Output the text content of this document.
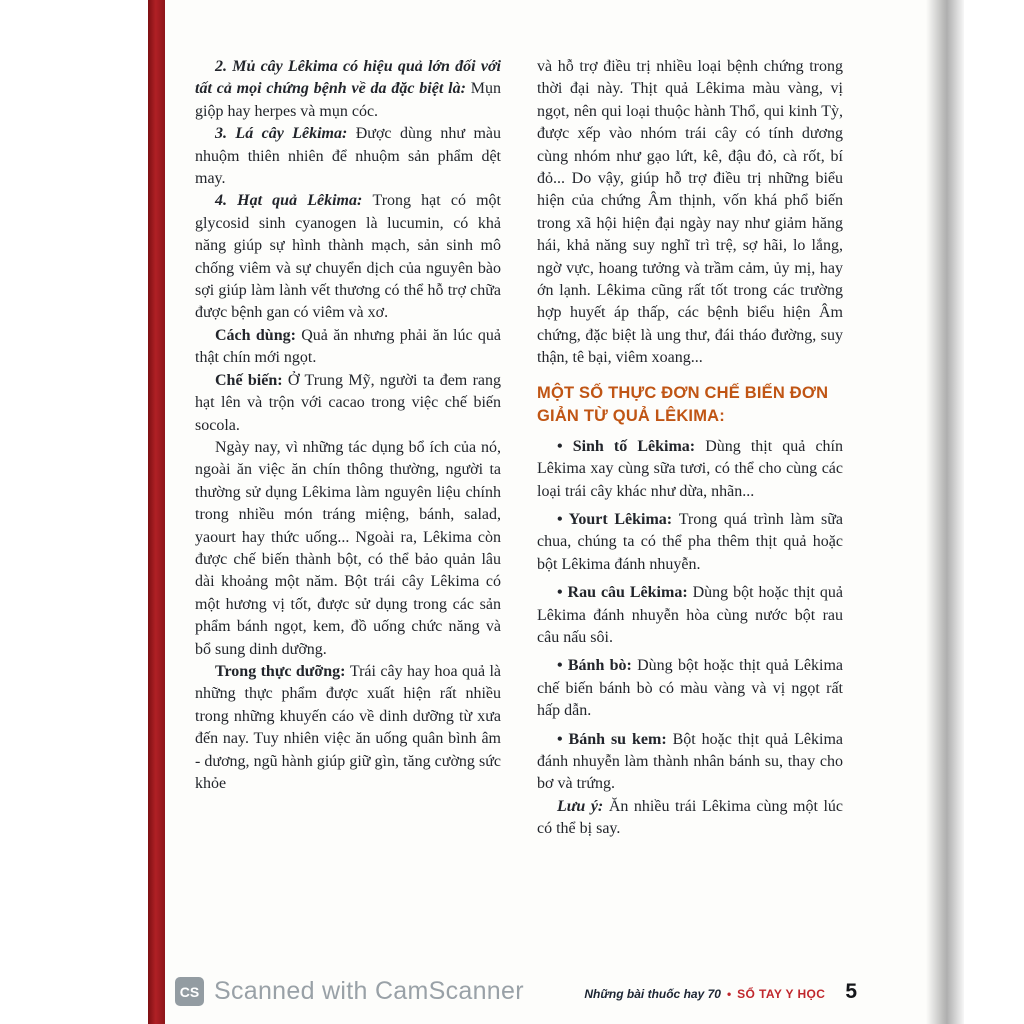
2. Mủ cây Lêkima có hiệu quả lớn đối với tất cả mọi chứng bệnh về da đặc biệt là: Mụn giộp hay herpes và mụn cóc.

3. Lá cây Lêkima: Được dùng như màu nhuộm thiên nhiên để nhuộm sản phẩm dệt may.

4. Hạt quả Lêkima: Trong hạt có một glycosid sinh cyanogen là lucumin, có khả năng giúp sự hình thành mạch, sản sinh mô chống viêm và sự chuyển dịch của nguyên bào sợi giúp làm lành vết thương có thể hỗ trợ chữa được bệnh gan có viêm và xơ.

Cách dùng: Quả ăn nhưng phải ăn lúc quả thật chín mới ngọt.

Chế biến: Ở Trung Mỹ, người ta đem rang hạt lên và trộn với cacao trong việc chế biến socola.

Ngày nay, vì những tác dụng bổ ích của nó, ngoài ăn việc ăn chín thông thường, người ta thường sử dụng Lêkima làm nguyên liệu chính trong nhiều món tráng miệng, bánh, salad, yaourt hay thức uống... Ngoài ra, Lêkima còn được chế biến thành bột, có thể bảo quản lâu dài khoảng một năm. Bột trái cây Lêkima có một hương vị tốt, được sử dụng trong các sản phẩm bánh ngọt, kem, đồ uống chức năng và bổ sung dinh dưỡng.

Trong thực dưỡng: Trái cây hay hoa quả là những thực phẩm được xuất hiện rất nhiều trong những khuyến cáo về dinh dưỡng từ xưa đến nay. Tuy nhiên việc ăn uống quân bình âm - dương, ngũ hành giúp giữ gìn, tăng cường sức khỏe

và hỗ trợ điều trị nhiều loại bệnh chứng trong thời đại này. Thịt quả Lêkima màu vàng, vị ngọt, nên qui loại thuộc hành Thổ, qui kinh Tỳ, được xếp vào nhóm trái cây có tính dương cùng nhóm như gạo lứt, kê, đậu đỏ, cà rốt, bí đỏ... Do vậy, giúp hỗ trợ điều trị những biểu hiện của chứng Âm thịnh, vốn khá phổ biến trong xã hội hiện đại ngày nay như giảm hăng hái, khả năng suy nghĩ trì trệ, sợ hãi, lo lắng, ngờ vực, hoang tưởng và trầm cảm, ủy mị, hay ớn lạnh. Lêkima cũng rất tốt trong các trường hợp huyết áp thấp, các bệnh biểu hiện Âm chứng, đặc biệt là ung thư, đái tháo đường, suy thận, tê bại, viêm xoang...

MỘT SỐ THỰC ĐƠN CHẾ BIẾN ĐƠN GIẢN TỪ QUẢ LÊKIMA:

• Sinh tố Lêkima: Dùng thịt quả chín Lêkima xay cùng sữa tươi, có thể cho cùng các loại trái cây khác như dừa, nhãn...

• Yourt Lêkima: Trong quá trình làm sữa chua, chúng ta có thể pha thêm thịt quả hoặc bột Lêkima đánh nhuyễn.

• Rau câu Lêkima: Dùng bột hoặc thịt quả Lêkima đánh nhuyễn hòa cùng nước bột rau câu nấu sôi.

• Bánh bò: Dùng bột hoặc thịt quả Lêkima chế biến bánh bò có màu vàng và vị ngọt rất hấp dẫn.

• Bánh su kem: Bột hoặc thịt quả Lêkima đánh nhuyễn làm thành nhân bánh su, thay cho bơ và trứng.

Lưu ý: Ăn nhiều trái Lêkima cùng một lúc có thể bị say.

Những bài thuốc hay 70 • SỔ TAY Y HỌC 5
CS Scanned with CamScanner
